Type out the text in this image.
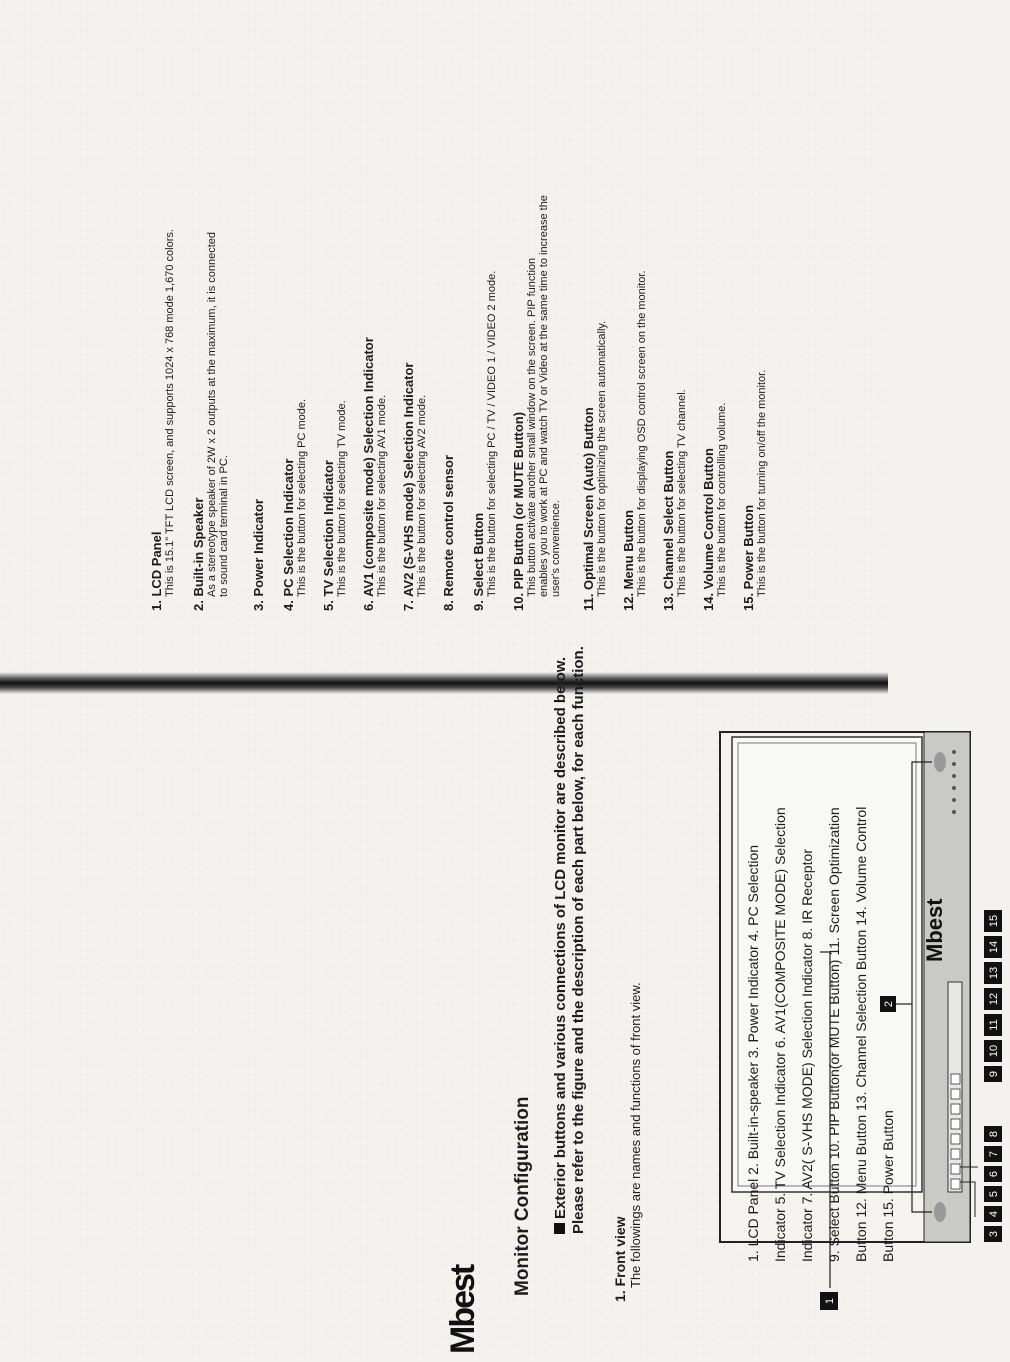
1. LCD Panel This is 15.1" TFT LCD screen, and supports 1024 x 768 mode 1,670 colors. 2. Built-in Speaker As a stereotype speaker of 2W x 2 outputs at the maximum, it is connected to sound card terminal in PC. 3. Power Indicator 4. PC Selection Indicator This is the button for selecting PC mode. 5. TV Selection Indicator This is the button for selecting TV mode. 6. AV1 (composite mode) Selection Indicator This is the button for selecting AV1 mode. 7. AV2 (S-VHS mode) Selection Indicator This is the button for selecting AV2 mode. 8. Remote control sensor 9. Select Button This is the button for selecting PC / TV / VIDEO 1 / VIDEO 2 mode. 10. PIP Button (or MUTE Button) This button activate another small window on the screen. PIP function enables you to work at PC and watch TV or Video at the same time to increase the user's convenience. 11. Optimal Screen (Auto) Button This is the button for optimizing the screen automatically. 12. Menu Button This is the button for displaying OSD control screen on the monitor. 13. Channel Select Button This is the button for selecting TV channel. 14. Volume Control Button This is the button for controlling volume. 15. Power Button This is the button for turning on/off the monitor.
Mbest
Monitor Configuration Exterior buttons and various connections of LCD monitor are described below. Please refer to the figure and the description of each part below, for each function.
1. Front view The followings are names and functions of front view.
1
2
Mbest
3
4
5
6
7
8
9
10
11
12
13
14
15
1. LCD Panel 2. Built-in-speaker 3. Power Indicator 4. PC Selection Indicator 5. TV Selection Indicator 6. AV1(COMPOSITE MODE) Selection Indicator 7. AV2( S-VHS MODE) Selection Indicator 8. IR Receptor 9. Select Button 10. PIP Button(or MUTE Button) 11. Screen Optimization Button 12. Menu Button 13. Channel Selection Button 14. Volume Control Button 15. Power Button
